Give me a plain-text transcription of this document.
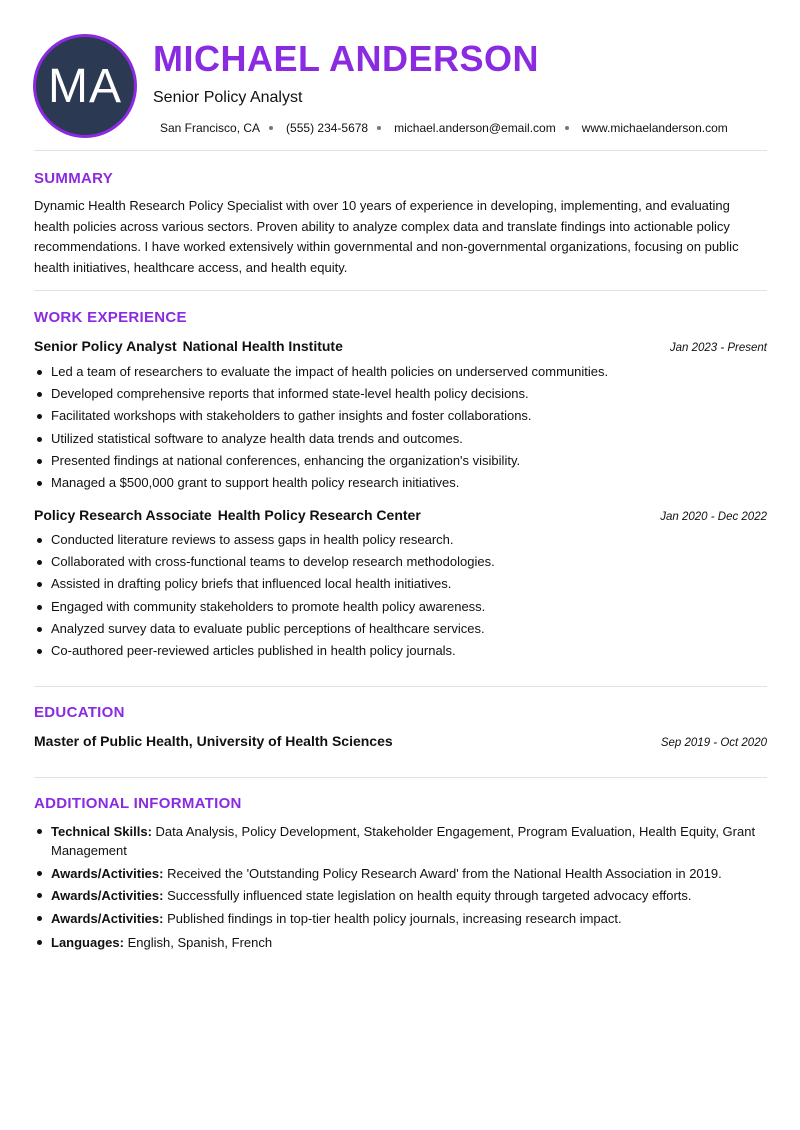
MA
MICHAEL ANDERSON
Senior Policy Analyst
San Francisco, CA (555) 234-5678 michael.anderson@email.com www.michaelanderson.com
SUMMARY

Dynamic Health Research Policy Specialist with over 10 years of experience in developing, implementing, and evaluating health policies across various sectors. Proven ability to analyze complex data and translate findings into actionable policy recommendations. I have worked extensively within governmental and non-governmental organizations, focusing on public health initiatives, healthcare access, and health equity.

WORK EXPERIENCE
Senior Policy Analyst National Health Institute	Jan 2023 - Present
Led a team of researchers to evaluate the impact of health policies on underserved communities.
Developed comprehensive reports that informed state-level health policy decisions.
Facilitated workshops with stakeholders to gather insights and foster collaborations.
Utilized statistical software to analyze health data trends and outcomes.
Presented findings at national conferences, enhancing the organization's visibility.
Managed a $500,000 grant to support health policy research initiatives.
Policy Research Associate Health Policy Research Center	Jan 2020 - Dec 2022
Conducted literature reviews to assess gaps in health policy research.
Collaborated with cross-functional teams to develop research methodologies.
Assisted in drafting policy briefs that influenced local health initiatives.
Engaged with community stakeholders to promote health policy awareness.
Analyzed survey data to evaluate public perceptions of healthcare services.
Co-authored peer-reviewed articles published in health policy journals.
EDUCATION
Master of Public Health, University of Health Sciences	Sep 2019 - Oct 2020
ADDITIONAL INFORMATION
Technical Skills: Data Analysis, Policy Development, Stakeholder Engagement, Program Evaluation, Health Equity, Grant Management
Awards/Activities: Received the 'Outstanding Policy Research Award' from the National Health Association in 2019.
Awards/Activities: Successfully influenced state legislation on health equity through targeted advocacy efforts.
Awards/Activities: Published findings in top-tier health policy journals, increasing research impact.
Languages: English, Spanish, French
